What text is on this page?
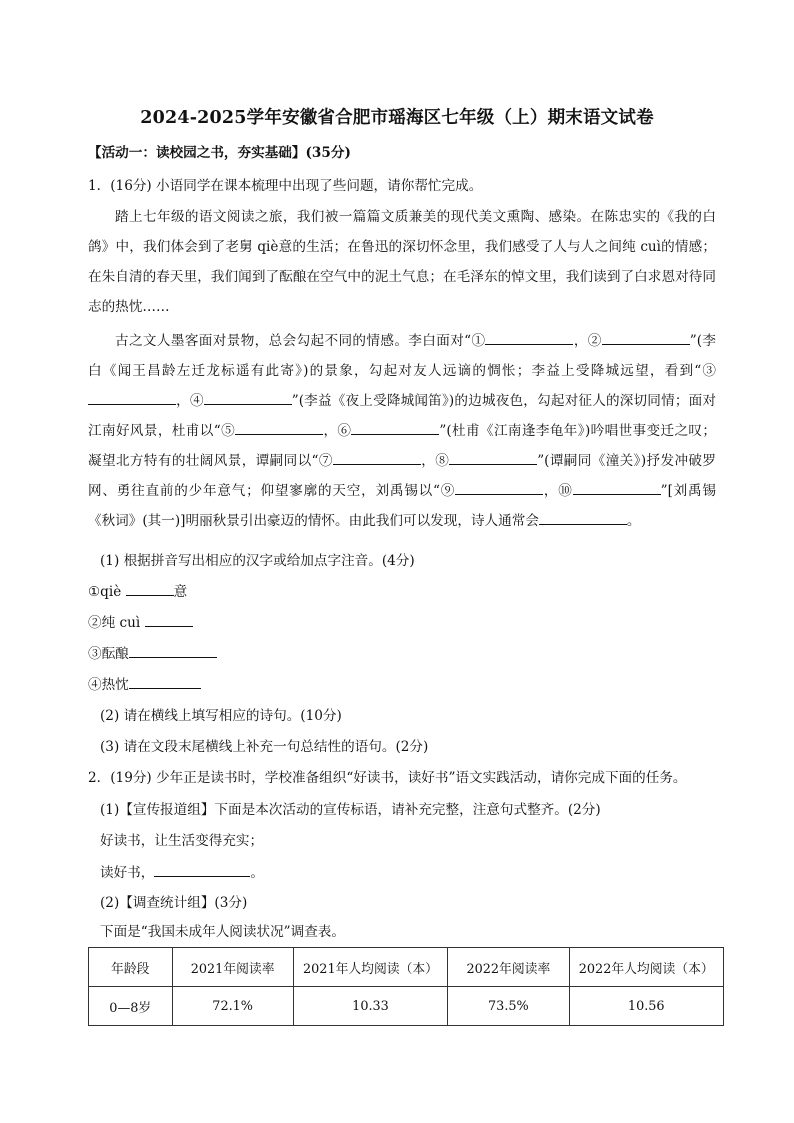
2024-2025学年安徽省合肥市瑶海区七年级（上）期末语文试卷
【活动一：读校园之书，夯实基础】(35分)
1．(16分) 小语同学在课本梳理中出现了些问题，请你帮忙完成。
踏上七年级的语文阅读之旅，我们被一篇篇文质兼美的现代美文熏陶、感染。在陈忠实的《我的白鸽》中，我们体会到了老舅 qiè意的生活；在鲁迅的深切怀念里，我们感受了人与人之间纯 cuì的情感；在朱自清的春天里，我们闻到了酝酿在空气中的泥土气息；在毛泽东的悼文里，我们读到了白求恩对待同志的热忱……
古之文人墨客面对景物，总会勾起不同的情感。李白面对“①	，②	”(李白《闻王昌龄左迁龙标遥有此寄》)的景象，勾起对友人远谪的惆怅；李益上受降城远望，看到“③，④	”(李益《夜上受降城闻笛》)的边城夜色，勾起对征人的深切同情；面对江南好风景，杜甫以“⑤	，⑥	”(杜甫《江南逢李龟年》)吟唱世事变迁之叹；凝望北方特有的壮阔风景，谭嗣同以“⑦	，⑧	”(谭嗣同《潼关》)抒发冲破罗网、勇往直前的少年意气；仰望寥廓的天空，刘禹锡以“⑨	，⑩	”[刘禹锡《秋词》(其一)]明丽秋景引出豪迈的情怀。由此我们可以发现，诗人通常会	。
(1) 根据拼音写出相应的汉字或给加点字注音。(4分)
①qiè	意
②纯 cuì
③酝酿
④热忱
(2) 请在横线上填写相应的诗句。(10分)
(3) 请在文段末尾横线上补充一句总结性的语句。(2分)
2．(19分) 少年正是读书时，学校准备组织“好读书，读好书”语文实践活动，请你完成下面的任务。
(1)【宣传报道组】下面是本次活动的宣传标语，请补充完整，注意句式整齐。(2分)
好读书，让生活变得充实；
读好书，	。
(2)【调查统计组】(3分)
下面是“我国未成年人阅读状况”调查表。
年龄段	2021年阅读率	2021年人均阅读（本）	2022年阅读率	2022年人均阅读（本）
0—8岁	72.1%	10.33	73.5%	10.56
